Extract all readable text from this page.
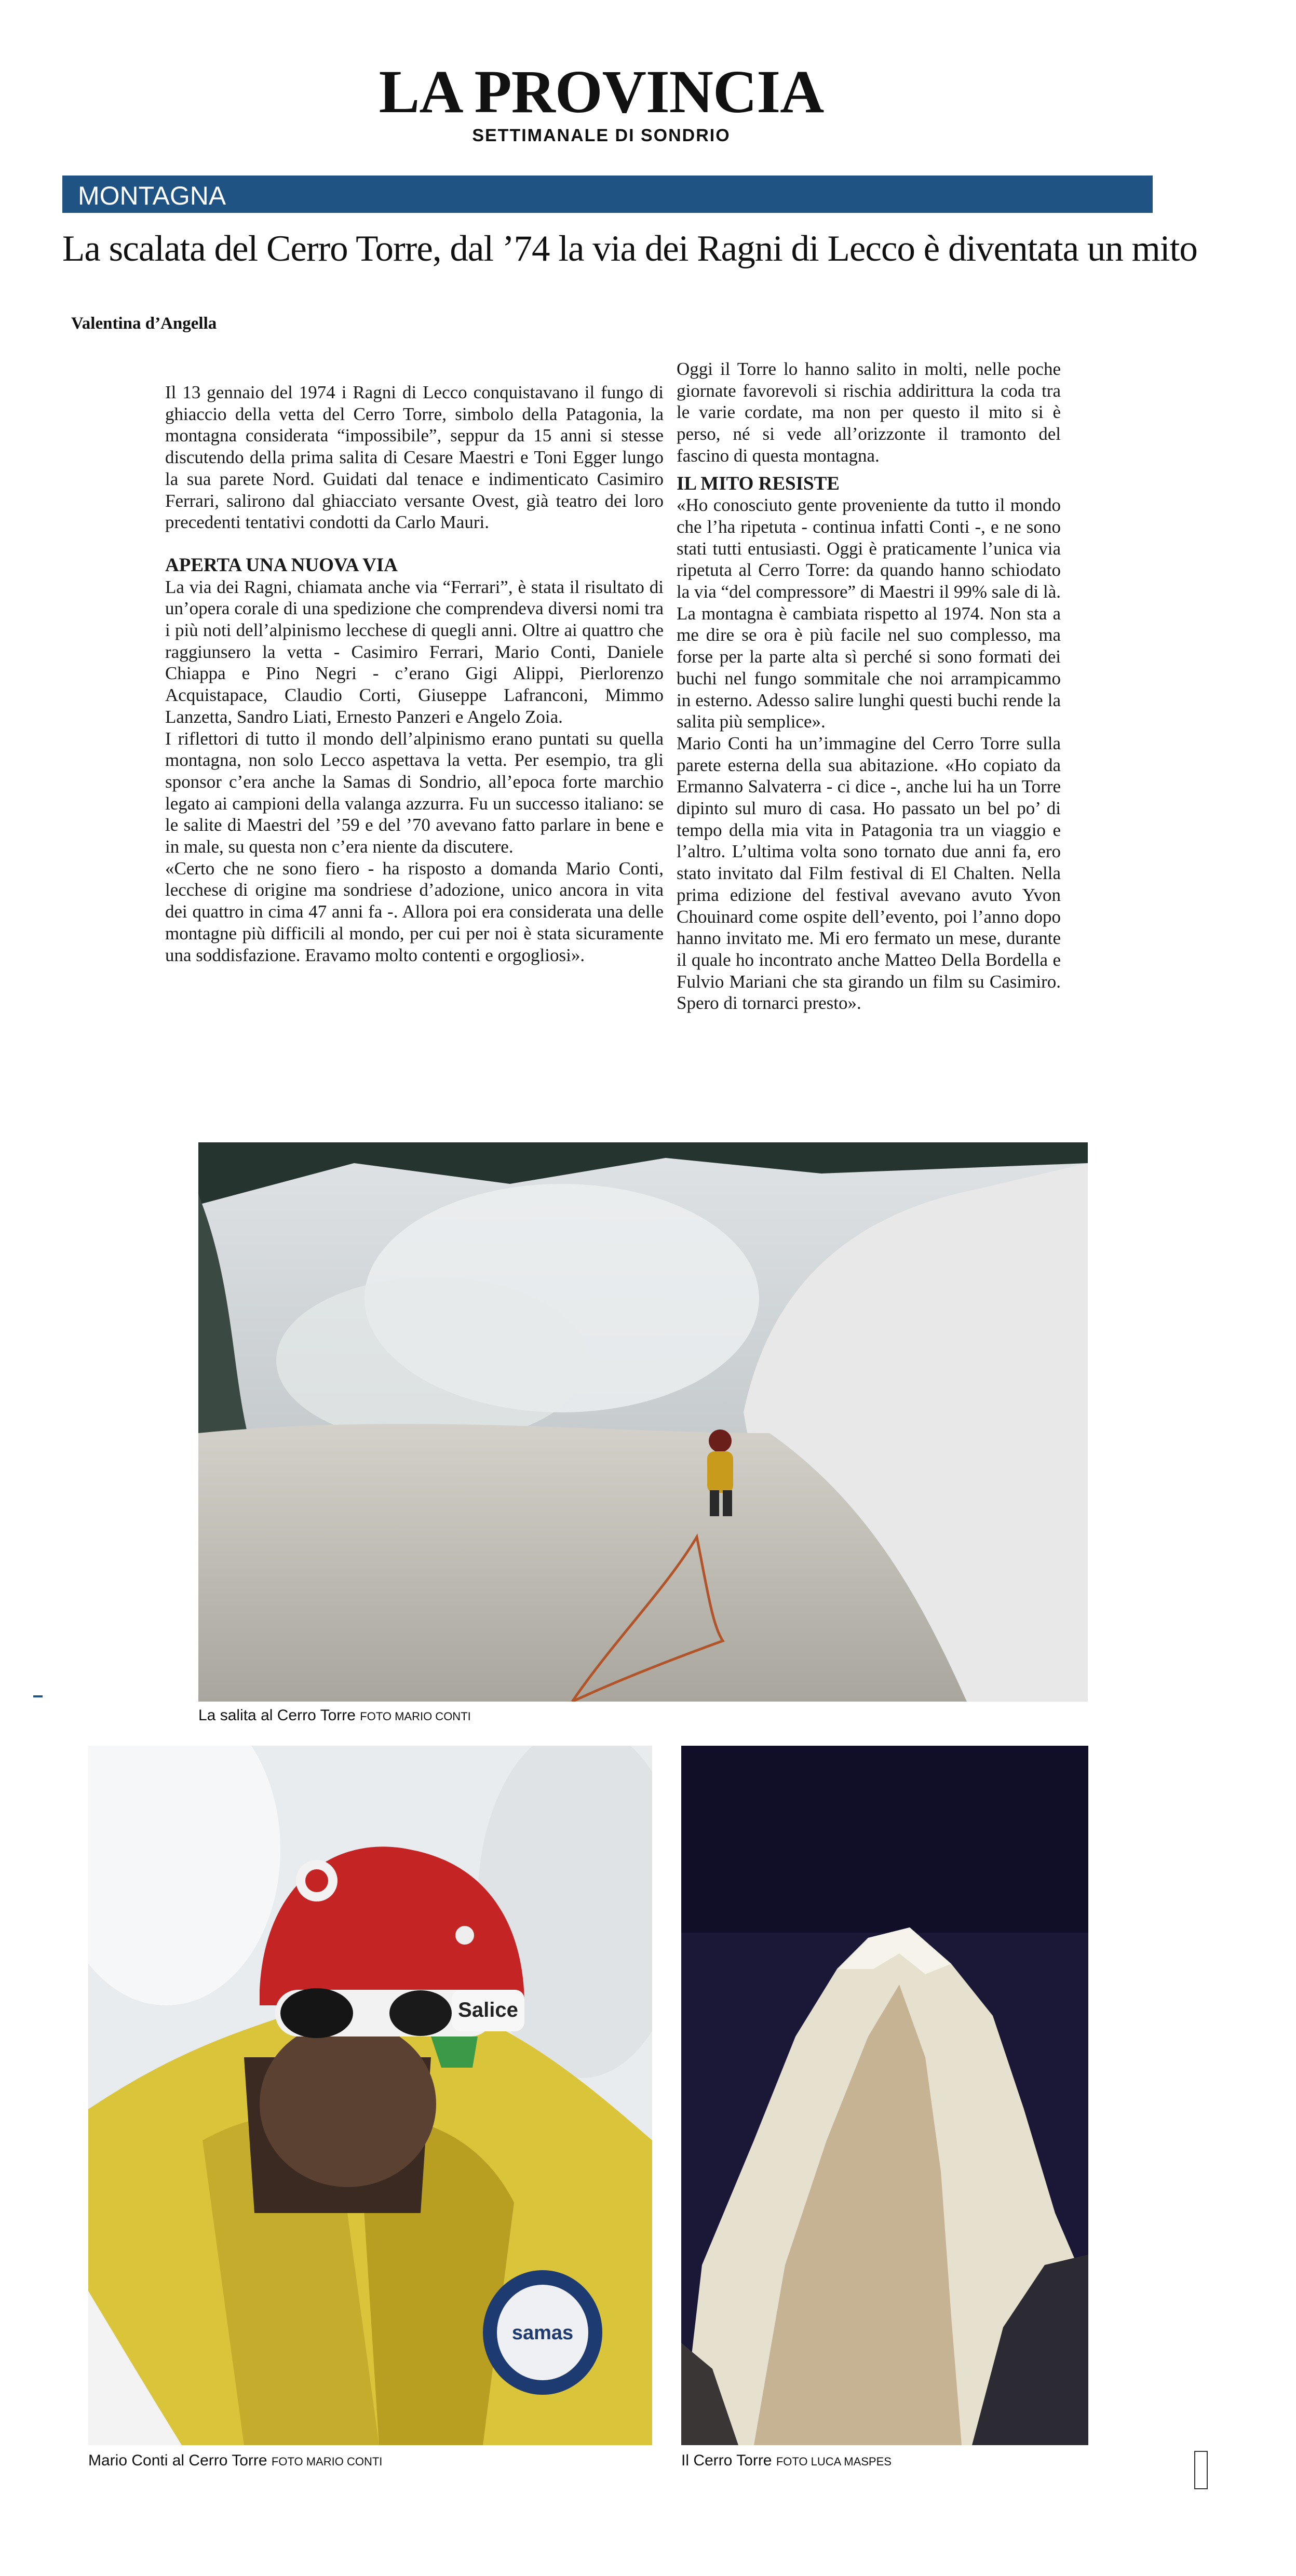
LA PROVINCIA
SETTIMANALE DI SONDRIO
MONTAGNA
La scalata del Cerro Torre, dal ’74 la via dei Ragni di Lecco è diventata un mito
Valentina d’Angella

Il 13 gennaio del 1974 i Ragni di Lecco conquistavano il fungo di ghiaccio della vetta del Cerro Torre, simbolo della Patagonia, la montagna considerata “impossibile”, seppur da 15 anni si stesse discutendo della prima salita di Cesare Maestri e Toni Egger lungo la sua parete Nord. Guidati dal tenace e indimenticato Casimiro Ferrari, salirono dal ghiacciato versante Ovest, già teatro dei loro precedenti tentativi condotti da Carlo Mauri.

APERTA UNA NUOVA VIA

La via dei Ragni, chiamata anche via “Ferrari”, è stata il risultato di un’opera corale di una spedizione che comprendeva diversi nomi tra i più noti dell’alpinismo lecchese di quegli anni. Oltre ai quattro che raggiunsero la vetta - Casimiro Ferrari, Mario Conti, Daniele Chiappa e Pino Negri - c’erano Gigi Alippi, Pierlorenzo Acquistapace, Claudio Corti, Giuseppe Lafranconi, Mimmo Lanzetta, Sandro Liati, Ernesto Panzeri e Angelo Zoia.

I riflettori di tutto il mondo dell’alpinismo erano puntati su quella montagna, non solo Lecco aspettava la vetta. Per esempio, tra gli sponsor c’era anche la Samas di Sondrio, all’epoca forte marchio legato ai campioni della valanga azzurra. Fu un successo italiano: se le salite di Maestri del ’59 e del ’70 avevano fatto parlare in bene e in male, su questa non c’era niente da discutere.

«Certo che ne sono fiero - ha risposto a domanda Mario Conti, lecchese di origine ma sondriese d’adozione, unico ancora in vita dei quattro in cima 47 anni fa -. Allora poi era considerata una delle montagne più difficili al mondo, per cui per noi è stata sicuramente una soddisfazione. Eravamo molto contenti e orgogliosi».

Oggi il Torre lo hanno salito in molti, nelle poche giornate favorevoli si rischia addirittura la coda tra le varie cordate, ma non per questo il mito si è perso, né si vede all’orizzonte il tramonto del fascino di questa montagna.

IL MITO RESISTE

«Ho conosciuto gente proveniente da tutto il mondo che l’ha ripetuta - continua infatti Conti -, e ne sono stati tutti entusiasti. Oggi è praticamente l’unica via ripetuta al Cerro Torre: da quando hanno schiodato la via “del compressore” di Maestri il 99% sale di là. La montagna è cambiata rispetto al 1974. Non sta a me dire se ora è più facile nel suo complesso, ma forse per la parte alta sì perché si sono formati dei buchi nel fungo sommitale che noi arrampicammo in esterno. Adesso salire lunghi questi buchi rende la salita più semplice».

Mario Conti ha un’immagine del Cerro Torre sulla parete esterna della sua abitazione. «Ho copiato da Ermanno Salvaterra - ci dice -, anche lui ha un Torre dipinto sul muro di casa. Ho passato un bel po’ di tempo della mia vita in Patagonia tra un viaggio e l’altro. L’ultima volta sono tornato due anni fa, ero stato invitato dal Film festival di El Chalten. Nella prima edizione del festival avevano avuto Yvon Chouinard come ospite dell’evento, poi l’anno dopo hanno invitato me. Mi ero fermato un mese, durante il quale ho incontrato anche Matteo Della Bordella e Fulvio Mariani che sta girando un film su Casimiro. Spero di tornarci presto».

La salita al Cerro Torre FOTO MARIO CONTI
Salice
samas
Mario Conti al Cerro Torre FOTO MARIO CONTI	Il Cerro Torre FOTO LUCA MASPES
